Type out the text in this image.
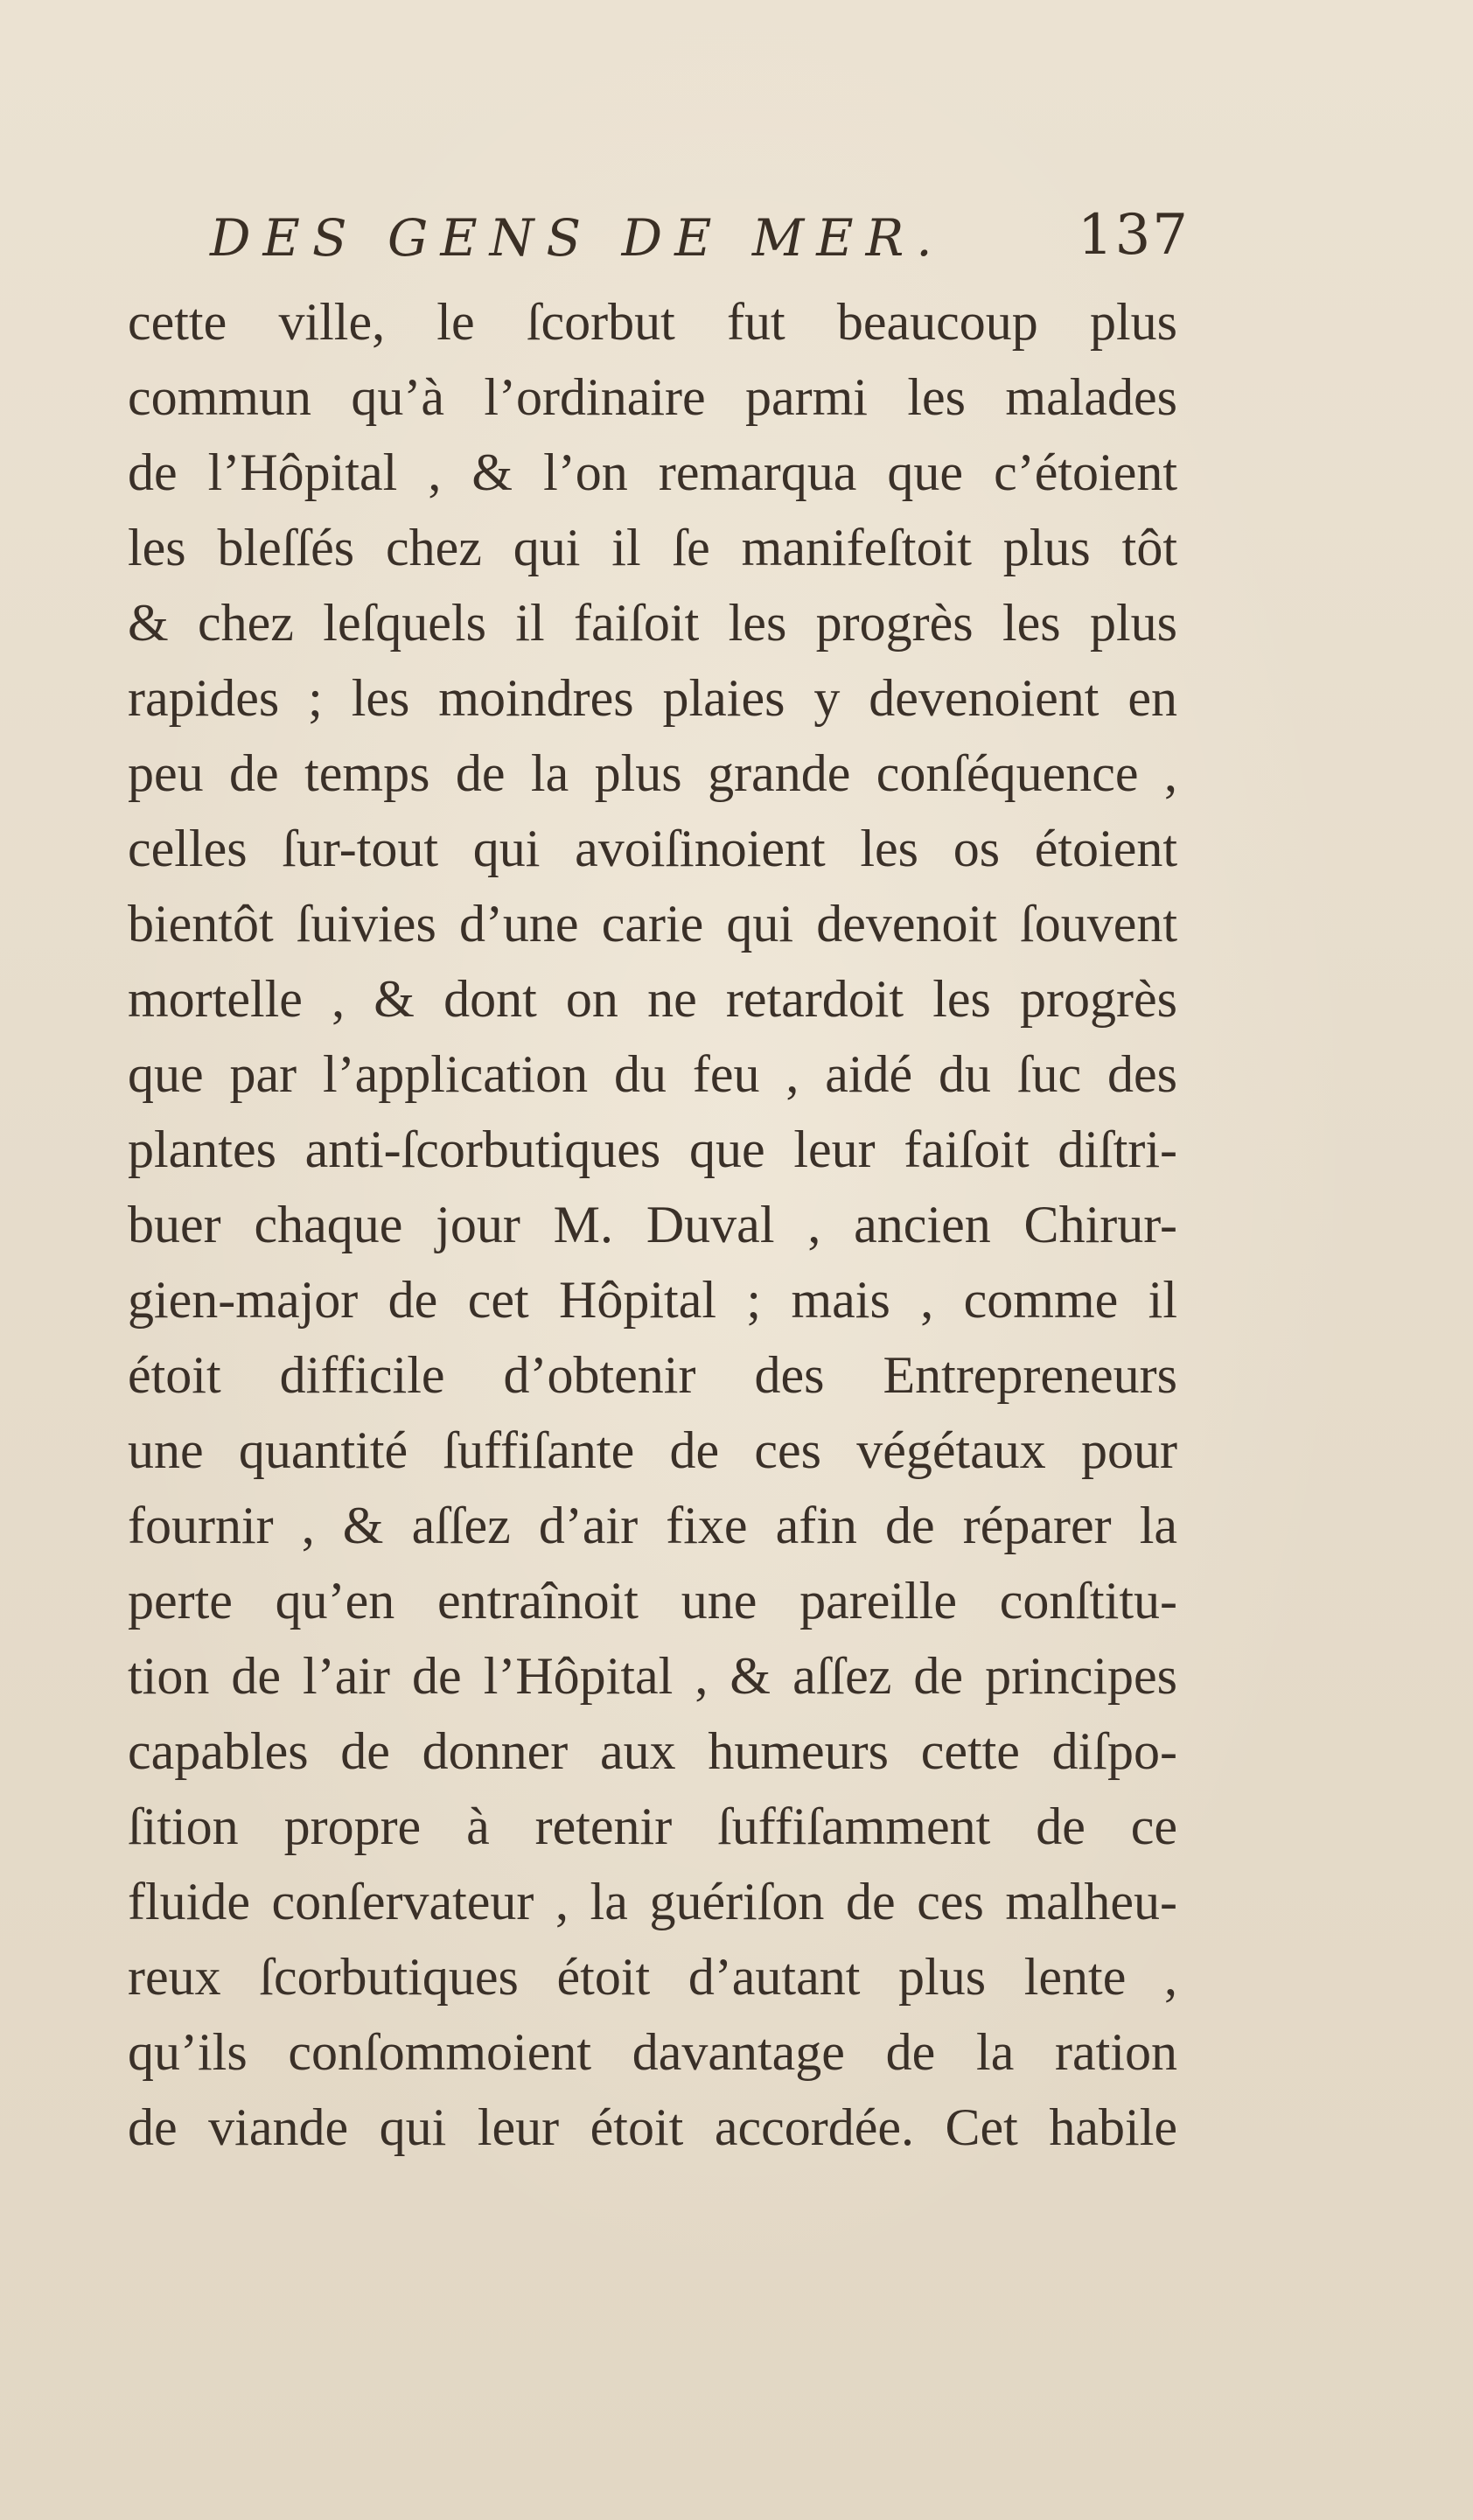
DES GENS DE MER. 137
cette ville, le ſcorbut fut beaucoup plus
commun qu’à l’ordinaire parmi les malades
de l’Hôpital , & l’on remarqua que c’étoient
les bleſſés chez qui il ſe manifeſtoit plus tôt
& chez leſquels il faiſoit les progrès les plus
rapides ; les moindres plaies y devenoient en
peu de temps de la plus grande conſéquence ,
celles ſur-tout qui avoiſinoient les os étoient
bientôt ſuivies d’une carie qui devenoit ſouvent
mortelle , & dont on ne retardoit les progrès
que par l’application du feu , aidé du ſuc des
plantes anti-ſcorbutiques que leur faiſoit diſtri-
buer chaque jour M. Duval , ancien Chirur-
gien-major de cet Hôpital ; mais , comme il
étoit difficile d’obtenir des Entrepreneurs
une quantité ſuffiſante de ces végétaux pour
fournir , & aſſez d’air fixe afin de réparer la
perte qu’en entraînoit une pareille conſtitu-
tion de l’air de l’Hôpital , & aſſez de principes
capables de donner aux humeurs cette diſpo-
ſition propre à retenir ſuffiſamment de ce
fluide conſervateur , la guériſon de ces malheu-
reux ſcorbutiques étoit d’autant plus lente ,
qu’ils conſommoient davantage de la ration
de viande qui leur étoit accordée. Cet habile
